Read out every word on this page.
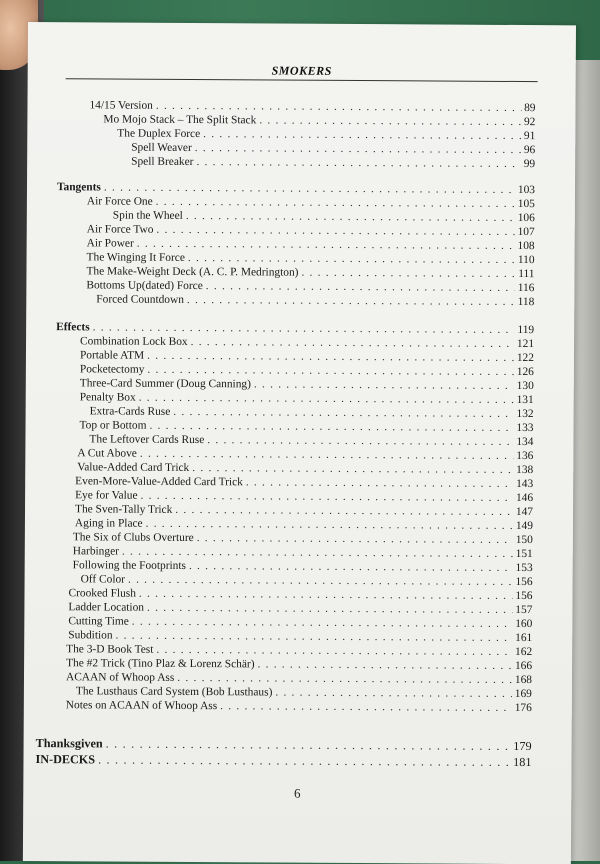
SMOKERS
14/15 Version . . .	89
Mo Mojo Stack – The Split Stack . . .	92
The Duplex Force . . .	91
Spell Weaver . . .	96
Spell Breaker . . .	99
Tangents . . .	103
Air Force One . . .	105
Spin the Wheel . . .	106
Air Force Two . . .	107
Air Power . . .	108
The Winging It Force . . .	110
The Make-Weight Deck (A. C. P. Medrington) . . .	111
Bottoms Up(dated) Force . . .	116
Forced Countdown . . .	118
Effects . . .	119
Combination Lock Box . . .	121
Portable ATM . . .	122
Pocketectomy . . .	126
Three-Card Summer (Doug Canning) . . .	130
Penalty Box . . .	131
Extra-Cards Ruse . . .	132
Top or Bottom . . .	133
The Leftover Cards Ruse . . .	134
A Cut Above . . .	136
Value-Added Card Trick . . .	138
Even-More-Value-Added Card Trick . . .	143
Eye for Value . . .	146
The Sven-Tally Trick . . .	147
Aging in Place . . .	149
The Six of Clubs Overture . . .	150
Harbinger . . .	151
Following the Footprints . . .	153
Off Color . . .	156
Crooked Flush . . .	156
Ladder Location . . .	157
Cutting Time . . .	160
Subdition . . .	161
The 3-D Book Test . . .	162
The #2 Trick (Tino Plaz & Lorenz Schär) . . .	166
ACAAN of Whoop Ass . . .	168
The Lusthaus Card System (Bob Lusthaus) . . .	169
Notes on ACAAN of Whoop Ass . . .	176
Thanksgiven . . .	179
IN-DECKS . . .	181
6
